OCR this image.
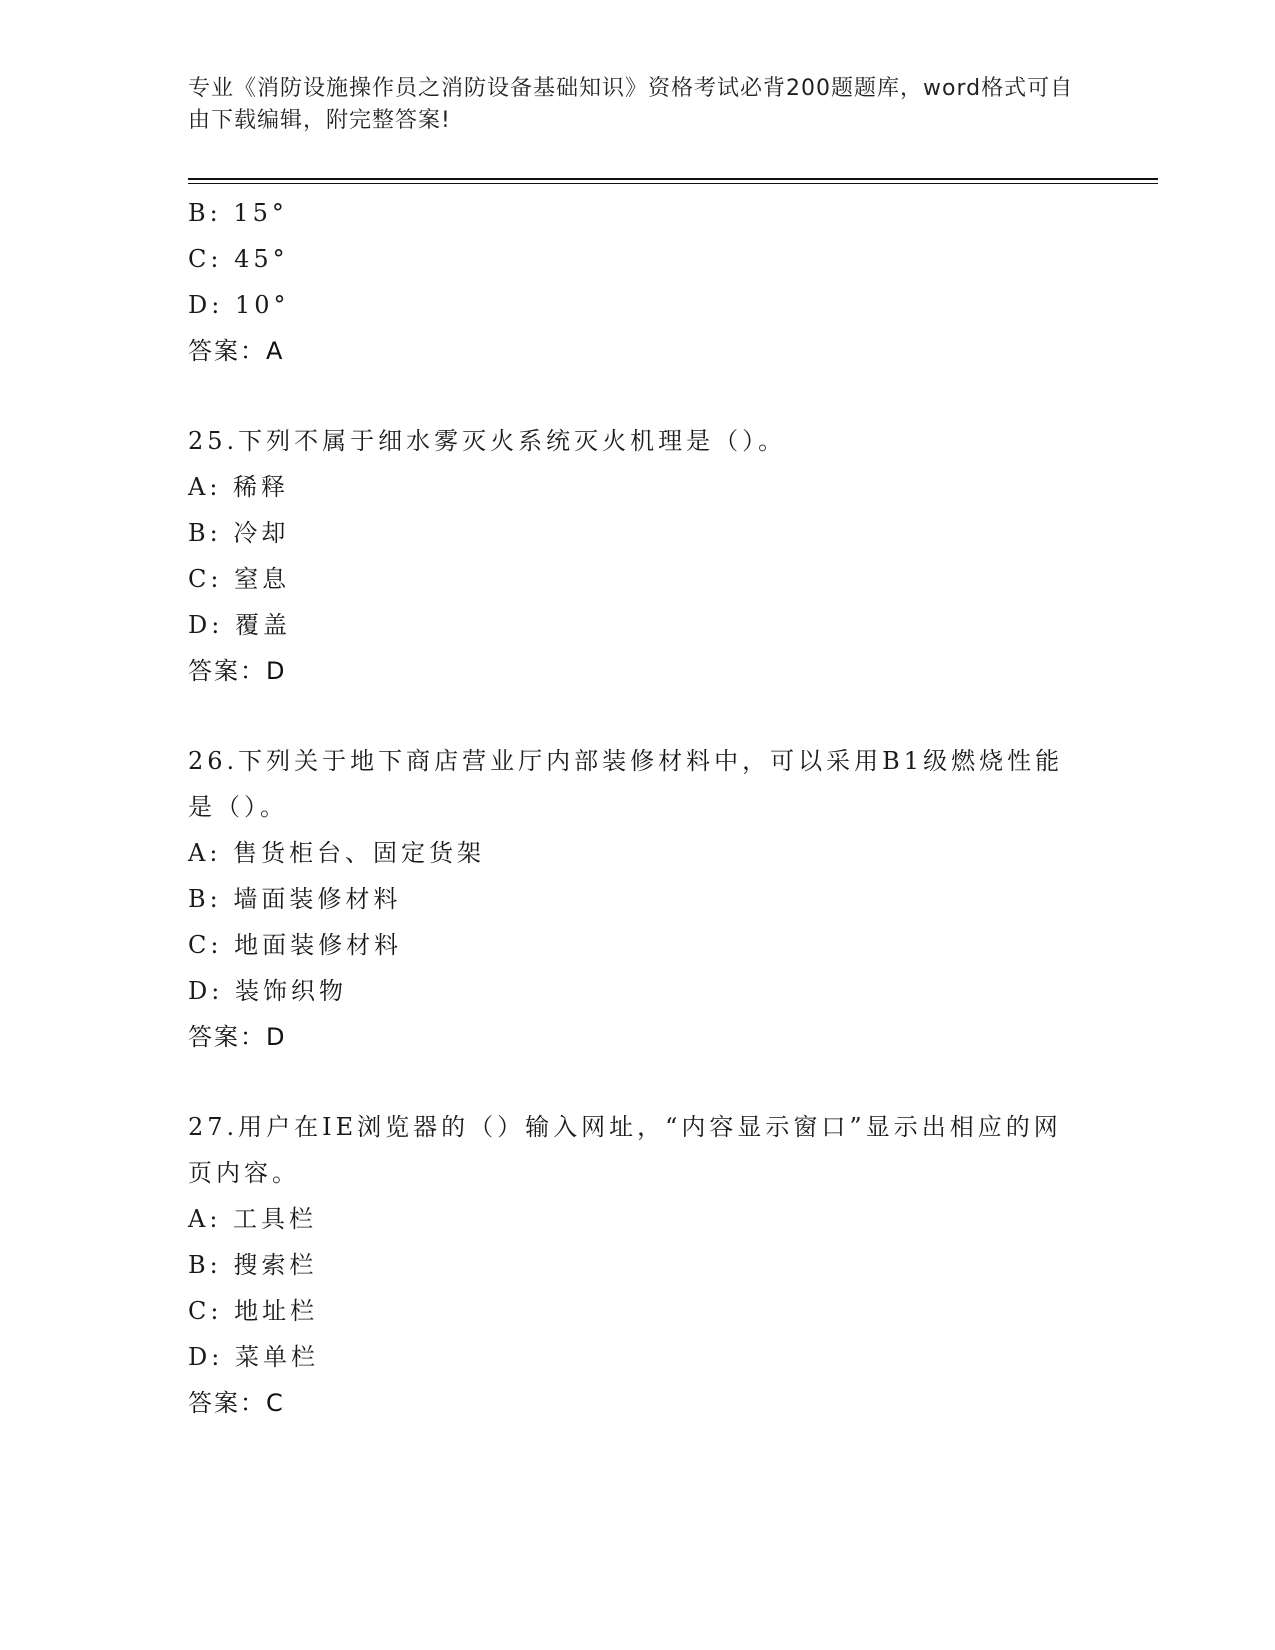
专业《消防设施操作员之消防设备基础知识》资格考试必背200题题库，word格式可自由下载编辑，附完整答案!
B: 15°
C: 45°
D: 10°
答案：A
25.下列不属于细水雾灭火系统灭火机理是（）。
A: 稀释
B: 冷却
C: 窒息
D: 覆盖
答案：D
26.下列关于地下商店营业厅内部装修材料中，可以采用B1级燃烧性能是（）。
A: 售货柜台、固定货架
B: 墙面装修材料
C: 地面装修材料
D: 装饰织物
答案：D
27.用户在IE浏览器的（）输入网址，“内容显示窗口”显示出相应的网页内容。
A: 工具栏
B: 搜索栏
C: 地址栏
D: 菜单栏
答案：C
